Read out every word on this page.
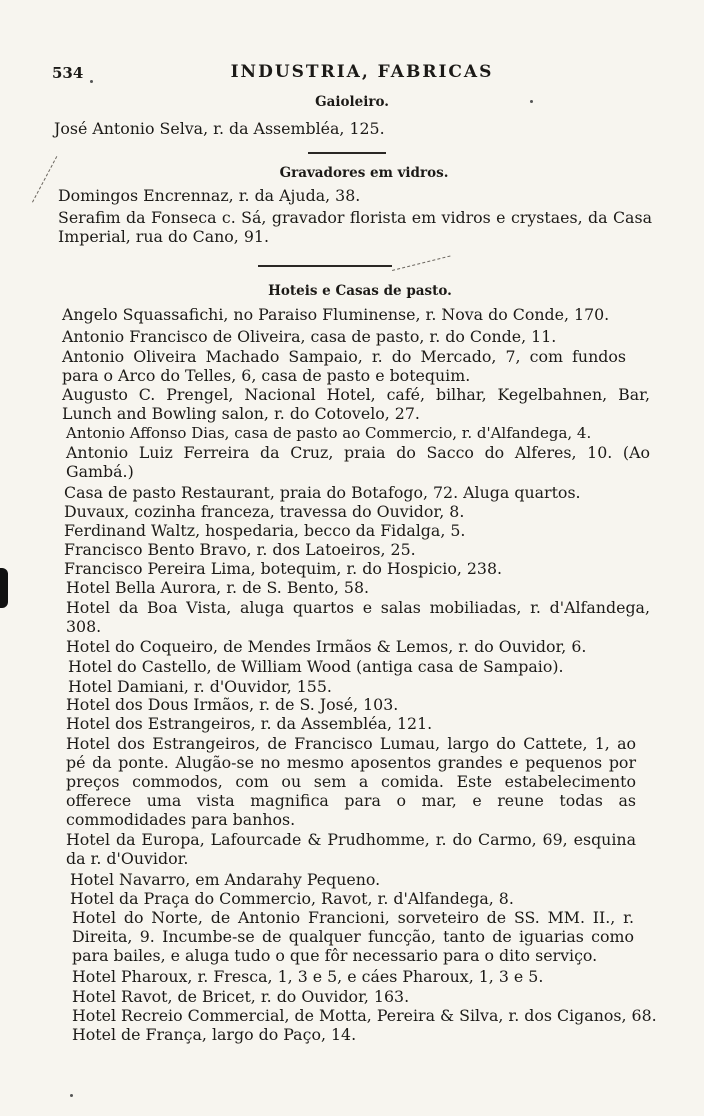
534	INDUSTRIA, FABRICAS
Gaioleiro.
José Antonio Selva, r. da Assembléa, 125.
Gravadores em vidros.
Domingos Encrennaz, r. da Ajuda, 38.
Serafim da Fonseca c. Sá, gravador florista em vidros e crystaes, da Casa Imperial, rua do Cano, 91.
Hoteis e Casas de pasto.
Angelo Squassafichi, no Paraiso Fluminense, r. Nova do Conde, 170.
Antonio Francisco de Oliveira, casa de pasto, r. do Conde, 11.
Antonio Oliveira Machado Sampaio, r. do Mercado, 7, com fundos para o Arco do Telles, 6, casa de pasto e botequim.
Augusto C. Prengel, Nacional Hotel, café, bilhar, Kegelbahnen, Bar, Lunch and Bowling salon, r. do Cotovelo, 27.
Antonio Affonso Dias, casa de pasto ao Commercio, r. d'Alfandega, 4.
Antonio Luiz Ferreira da Cruz, praia do Sacco do Alferes, 10. (Ao Gambá.)
Casa de pasto Restaurant, praia do Botafogo, 72. Aluga quartos.
Duvaux, cozinha franceza, travessa do Ouvidor, 8.
Ferdinand Waltz, hospedaria, becco da Fidalga, 5.
Francisco Bento Bravo, r. dos Latoeiros, 25.
Francisco Pereira Lima, botequim, r. do Hospicio, 238.
Hotel Bella Aurora, r. de S. Bento, 58.
Hotel da Boa Vista, aluga quartos e salas mobiliadas, r. d'Alfandega, 308.
Hotel do Coqueiro, de Mendes Irmãos & Lemos, r. do Ouvidor, 6.
Hotel do Castello, de William Wood (antiga casa de Sampaio).
Hotel Damiani, r. d'Ouvidor, 155.
Hotel dos Dous Irmãos, r. de S. José, 103.
Hotel dos Estrangeiros, r. da Assembléa, 121.
Hotel dos Estrangeiros, de Francisco Lumau, largo do Cattete, 1, ao pé da ponte. Alugão-se no mesmo aposentos grandes e pequenos por preços commodos, com ou sem a comida. Este estabelecimento offerece uma vista magnifica para o mar, e reune todas as commodidades para banhos.
Hotel da Europa, Lafourcade & Prudhomme, r. do Carmo, 69, esquina da r. d'Ouvidor.
Hotel Navarro, em Andarahy Pequeno.
Hotel da Praça do Commercio, Ravot, r. d'Alfandega, 8.
Hotel do Norte, de Antonio Francioni, sorveteiro de SS. MM. II., r. Direita, 9. Incumbe-se de qualquer funcção, tanto de iguarias como para bailes, e aluga tudo o que fôr necessario para o dito serviço.
Hotel Pharoux, r. Fresca, 1, 3 e 5, e cáes Pharoux, 1, 3 e 5.
Hotel Ravot, de Bricet, r. do Ouvidor, 163.
Hotel Recreio Commercial, de Motta, Pereira & Silva, r. dos Ciganos, 68.
Hotel de França, largo do Paço, 14.
